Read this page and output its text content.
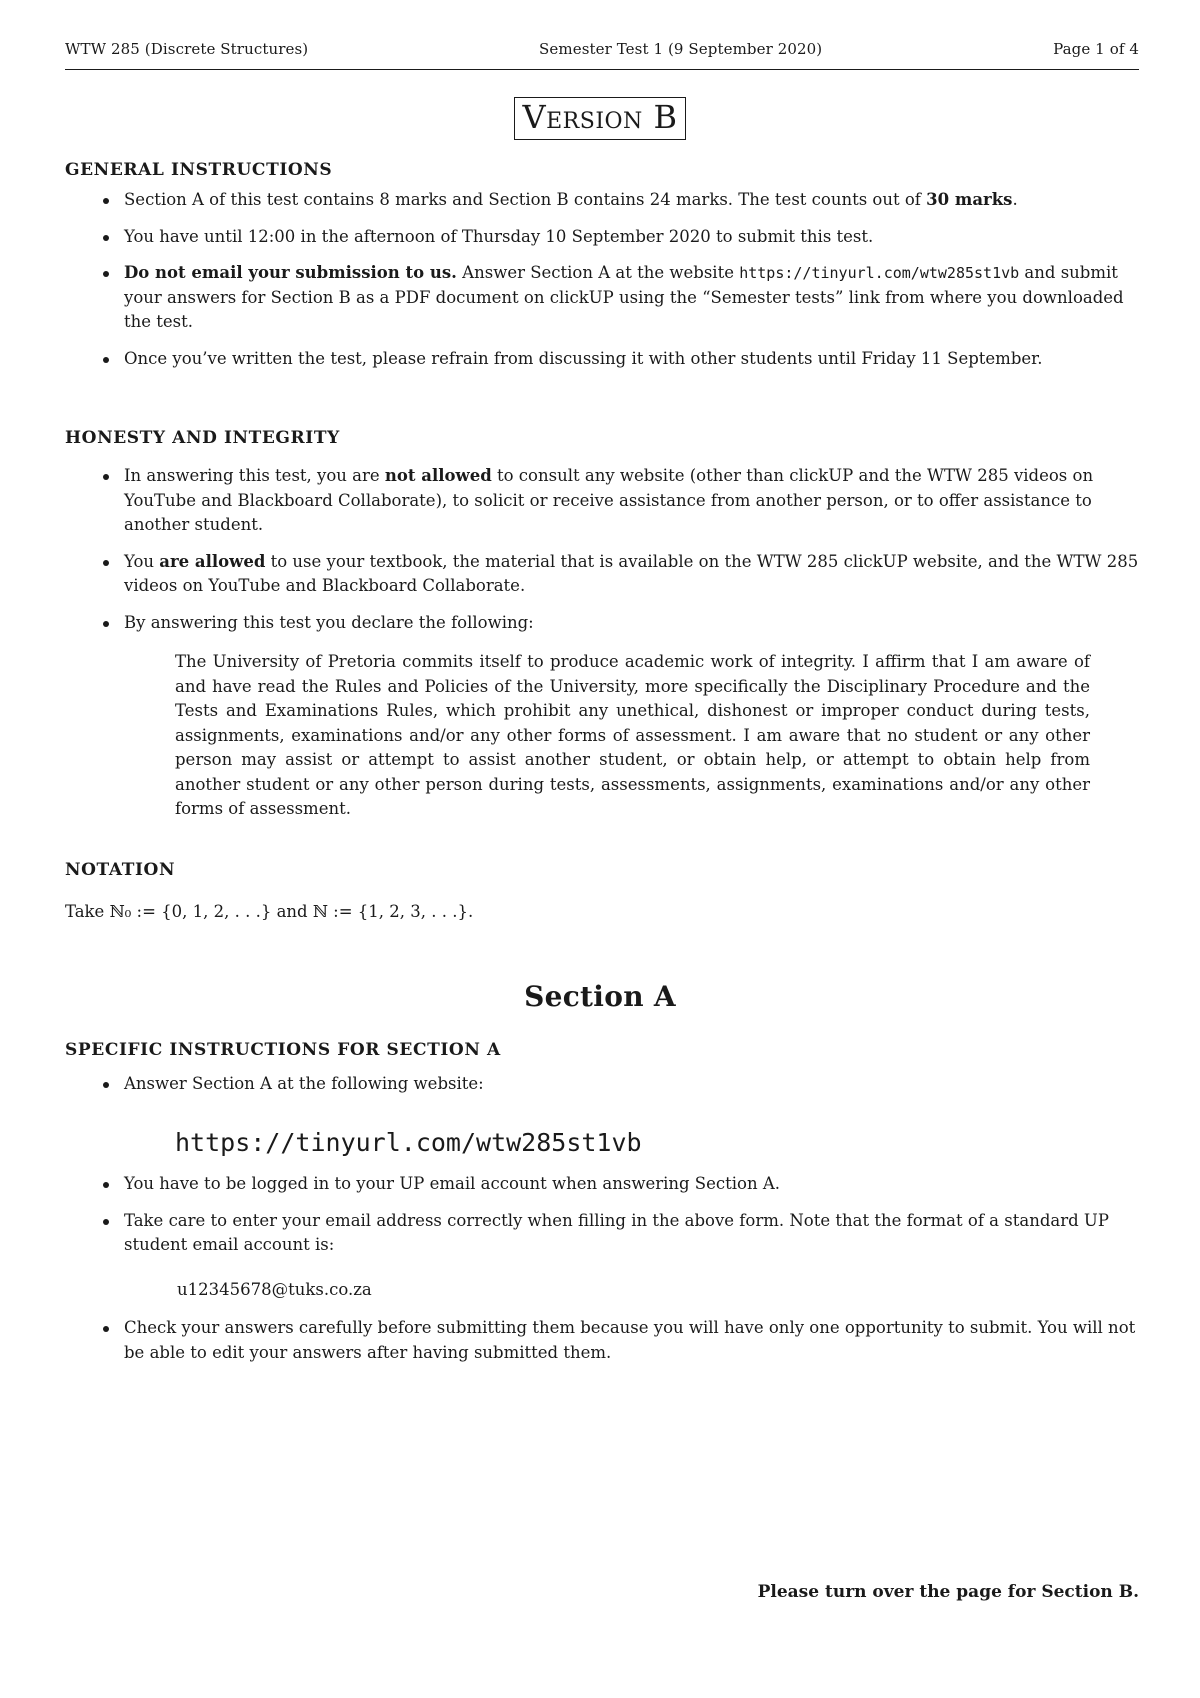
WTW 285 (Discrete Structures)	Semester Test 1 (9 September 2020)	Page 1 of 4
Version B
GENERAL INSTRUCTIONS
Section A of this test contains 8 marks and Section B contains 24 marks. The test counts out of 30 marks.
You have until 12:00 in the afternoon of Thursday 10 September 2020 to submit this test.
Do not email your submission to us. Answer Section A at the website https://tinyurl.com/wtw285st1vb and submit your answers for Section B as a PDF document on clickUP using the “Semester tests” link from where you downloaded the test.
Once you’ve written the test, please refrain from discussing it with other students until Friday 11 September.
HONESTY AND INTEGRITY
In answering this test, you are not allowed to consult any website (other than clickUP and the WTW 285 videos on YouTube and Blackboard Collaborate), to solicit or receive assistance from another person, or to offer assistance to another student.
You are allowed to use your textbook, the material that is available on the WTW 285 clickUP website, and the WTW 285 videos on YouTube and Blackboard Collaborate.
By answering this test you declare the following:
The University of Pretoria commits itself to produce academic work of integrity. I affirm that I am aware of and have read the Rules and Policies of the University, more specifically the Disciplinary Procedure and the Tests and Examinations Rules, which prohibit any unethical, dishonest or improper conduct during tests, assignments, examinations and/or any other forms of assessment. I am aware that no student or any other person may assist or attempt to assist another student, or obtain help, or attempt to obtain help from another student or any other person during tests, assessments, assignments, examinations and/or any other forms of assessment.
NOTATION
Take ℕ₀ := {0, 1, 2, . . .} and ℕ := {1, 2, 3, . . .}.
Section A
SPECIFIC INSTRUCTIONS FOR SECTION A
Answer Section A at the following website:
https://tinyurl.com/wtw285st1vb
You have to be logged in to your UP email account when answering Section A.
Take care to enter your email address correctly when filling in the above form. Note that the format of a standard UP student email account is:
u12345678@tuks.co.za
Check your answers carefully before submitting them because you will have only one opportunity to submit. You will not be able to edit your answers after having submitted them.
Please turn over the page for Section B.
